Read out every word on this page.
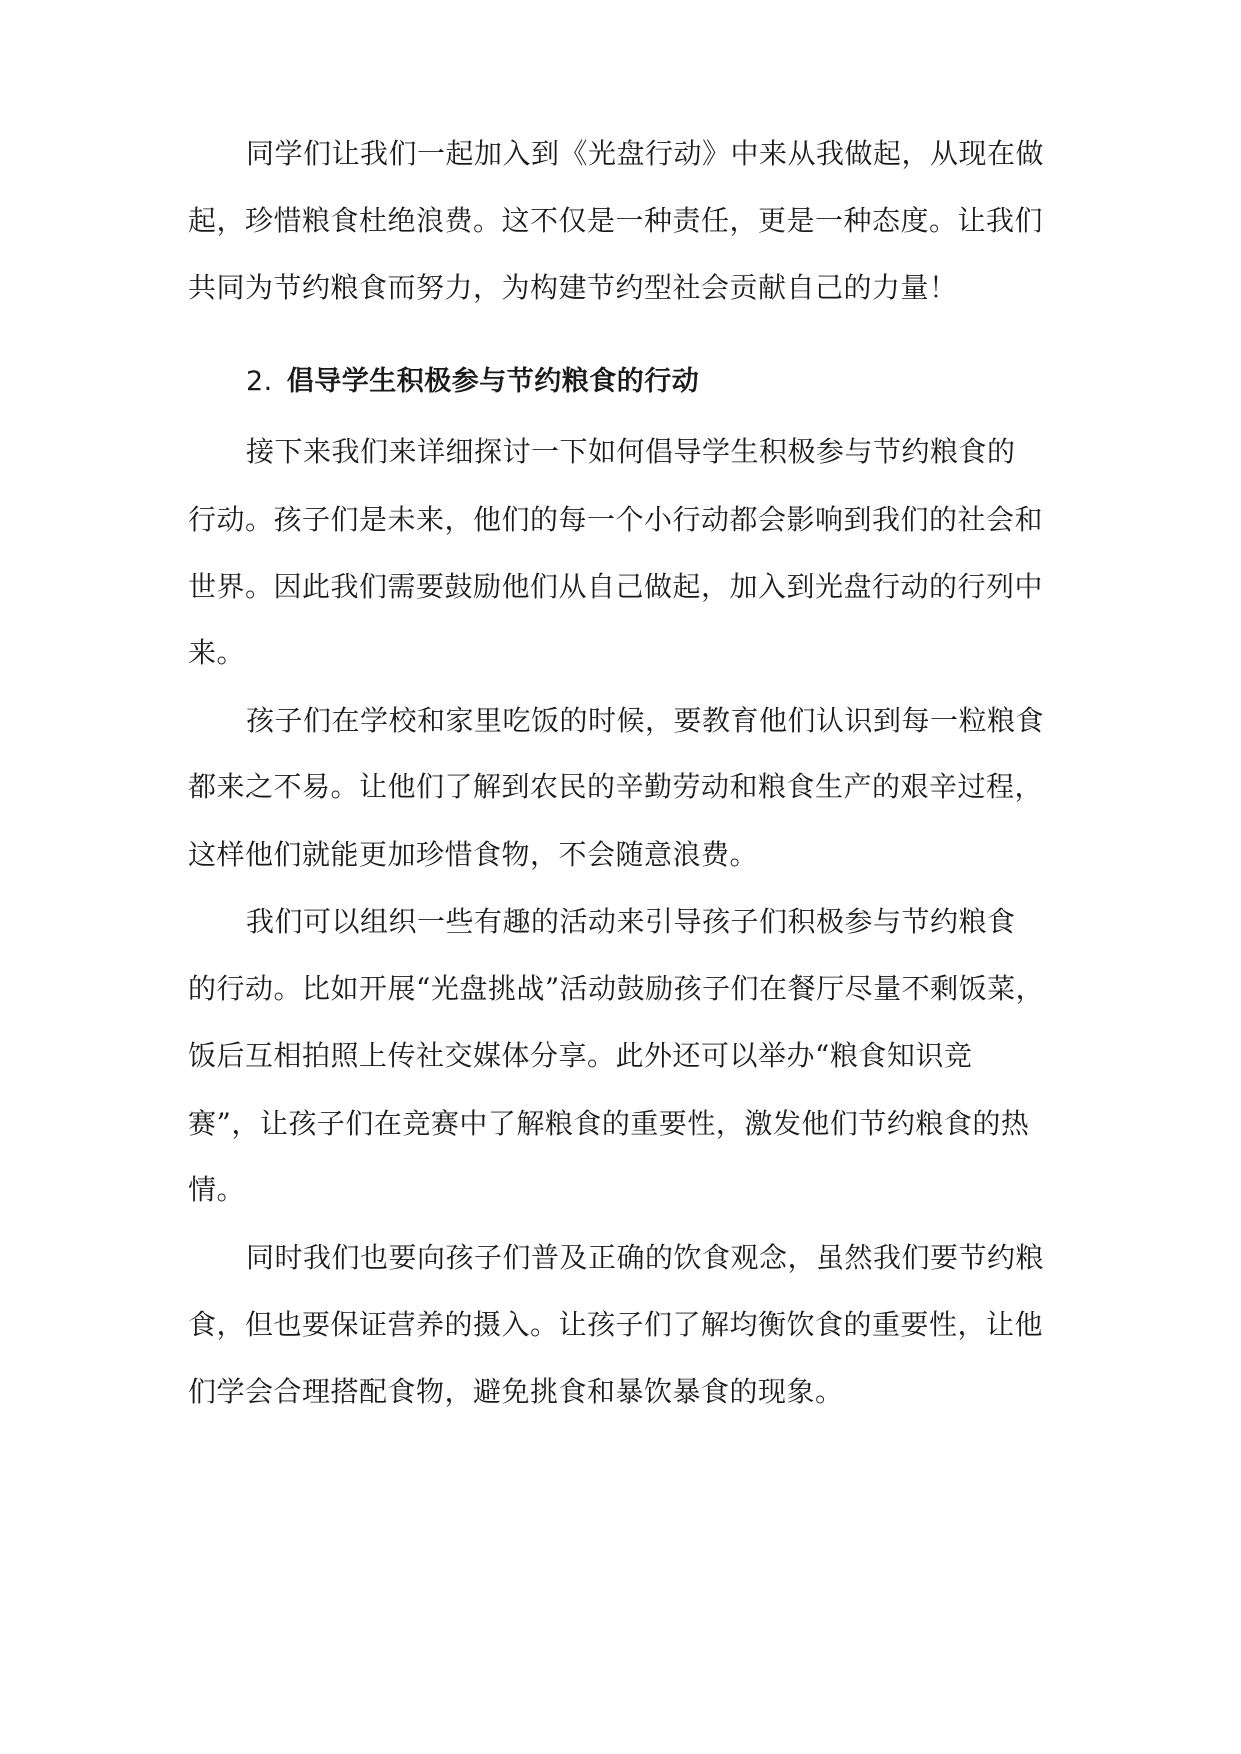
同学们让我们一起加入到《光盘行动》中来从我做起，从现在做
起，珍惜粮食杜绝浪费。这不仅是一种责任，更是一种态度。让我们
共同为节约粮食而努力，为构建节约型社会贡献自己的力量！
2. 倡导学生积极参与节约粮食的行动
接下来我们来详细探讨一下如何倡导学生积极参与节约粮食的
行动。孩子们是未来，他们的每一个小行动都会影响到我们的社会和
世界。因此我们需要鼓励他们从自己做起，加入到光盘行动的行列中
来。
孩子们在学校和家里吃饭的时候，要教育他们认识到每一粒粮食
都来之不易。让他们了解到农民的辛勤劳动和粮食生产的艰辛过程，
这样他们就能更加珍惜食物，不会随意浪费。
我们可以组织一些有趣的活动来引导孩子们积极参与节约粮食
的行动。比如开展“光盘挑战”活动鼓励孩子们在餐厅尽量不剩饭菜，
饭后互相拍照上传社交媒体分享。此外还可以举办“粮食知识竞
赛”，让孩子们在竞赛中了解粮食的重要性，激发他们节约粮食的热
情。
同时我们也要向孩子们普及正确的饮食观念，虽然我们要节约粮
食，但也要保证营养的摄入。让孩子们了解均衡饮食的重要性，让他
们学会合理搭配食物，避免挑食和暴饮暴食的现象。
